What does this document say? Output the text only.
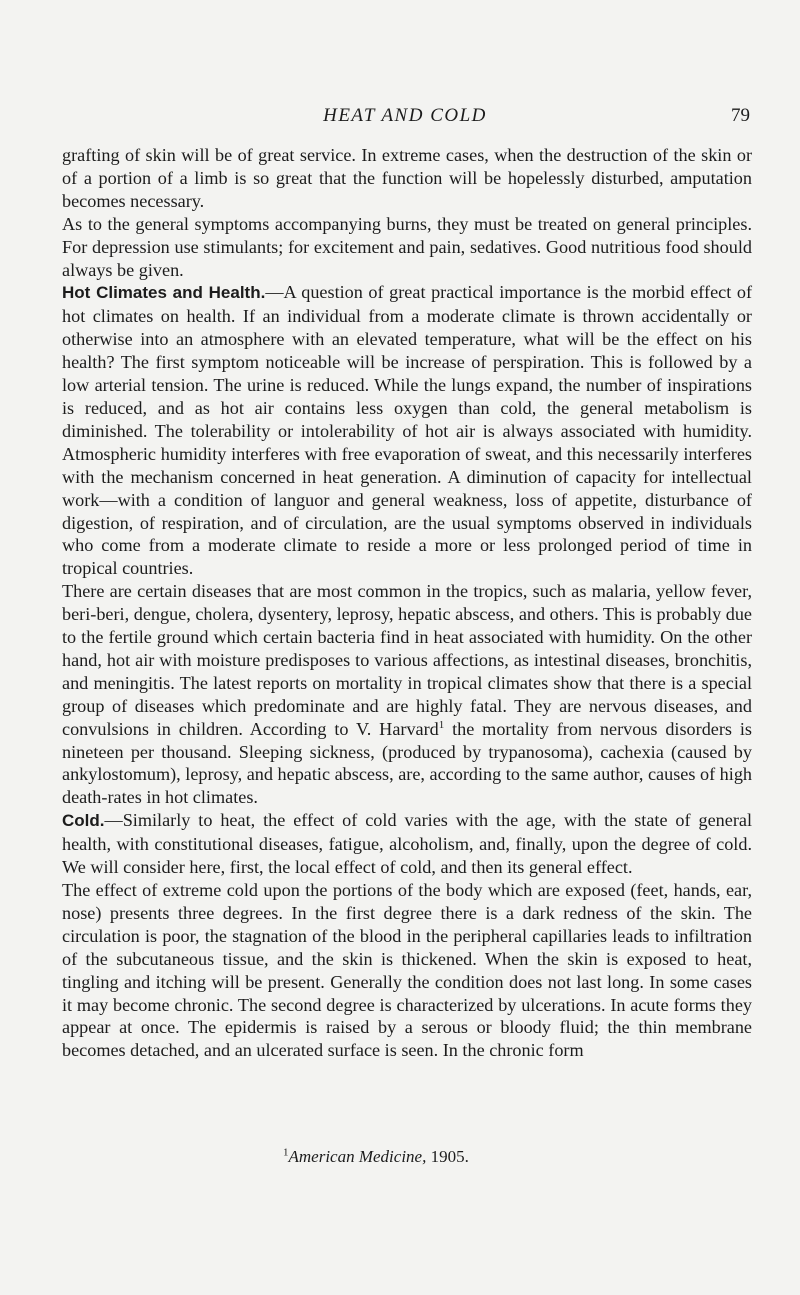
HEAT AND COLD	79

grafting of skin will be of great service. In extreme cases, when the destruction of the skin or of a portion of a limb is so great that the function will be hopelessly disturbed, amputation becomes necessary.

As to the general symptoms accompanying burns, they must be treated on general principles. For depression use stimulants; for excitement and pain, sedatives. Good nutritious food should always be given.

Hot Climates and Health.—A question of great practical importance is the morbid effect of hot climates on health. If an individual from a moderate climate is thrown accidentally or otherwise into an atmosphere with an elevated temperature, what will be the effect on his health? The first symptom noticeable will be increase of perspiration. This is followed by a low arterial tension. The urine is reduced. While the lungs expand, the number of inspirations is reduced, and as hot air contains less oxygen than cold, the general metabolism is diminished. The tolerability or intolerability of hot air is always associated with humidity. Atmospheric humidity interferes with free evaporation of sweat, and this necessarily interferes with the mechanism concerned in heat generation. A diminution of capacity for intellectual work—with a condition of languor and general weakness, loss of appetite, disturbance of digestion, of respiration, and of circulation, are the usual symptoms observed in individuals who come from a moderate climate to reside a more or less prolonged period of time in tropical countries.

There are certain diseases that are most common in the tropics, such as malaria, yellow fever, beri-beri, dengue, cholera, dysentery, leprosy, hepatic abscess, and others. This is probably due to the fertile ground which certain bacteria find in heat associated with humidity. On the other hand, hot air with moisture predisposes to various affections, as intestinal diseases, bronchitis, and meningitis. The latest reports on mortality in tropical climates show that there is a special group of diseases which predominate and are highly fatal. They are nervous diseases, and convulsions in children. According to V. Harvard$^1$ the mortality from nervous disorders is nineteen per thousand. Sleeping sickness, (produced by trypanosoma), cachexia (caused by ankylostomum), leprosy, and hepatic abscess, are, according to the same author, causes of high death-rates in hot climates.

Cold.—Similarly to heat, the effect of cold varies with the age, with the state of general health, with constitutional diseases, fatigue, alcoholism, and, finally, upon the degree of cold. We will consider here, first, the local effect of cold, and then its general effect.

The effect of extreme cold upon the portions of the body which are exposed (feet, hands, ear, nose) presents three degrees. In the first degree there is a dark redness of the skin. The circulation is poor, the stagnation of the blood in the peripheral capillaries leads to infiltration of the subcutaneous tissue, and the skin is thickened. When the skin is exposed to heat, tingling and itching will be present. Generally the condition does not last long. In some cases it may become chronic. The second degree is characterized by ulcerations. In acute forms they appear at once. The epidermis is raised by a serous or bloody fluid; the thin membrane becomes detached, and an ulcerated surface is seen. In the chronic form

$^1$American Medicine, 1905.
